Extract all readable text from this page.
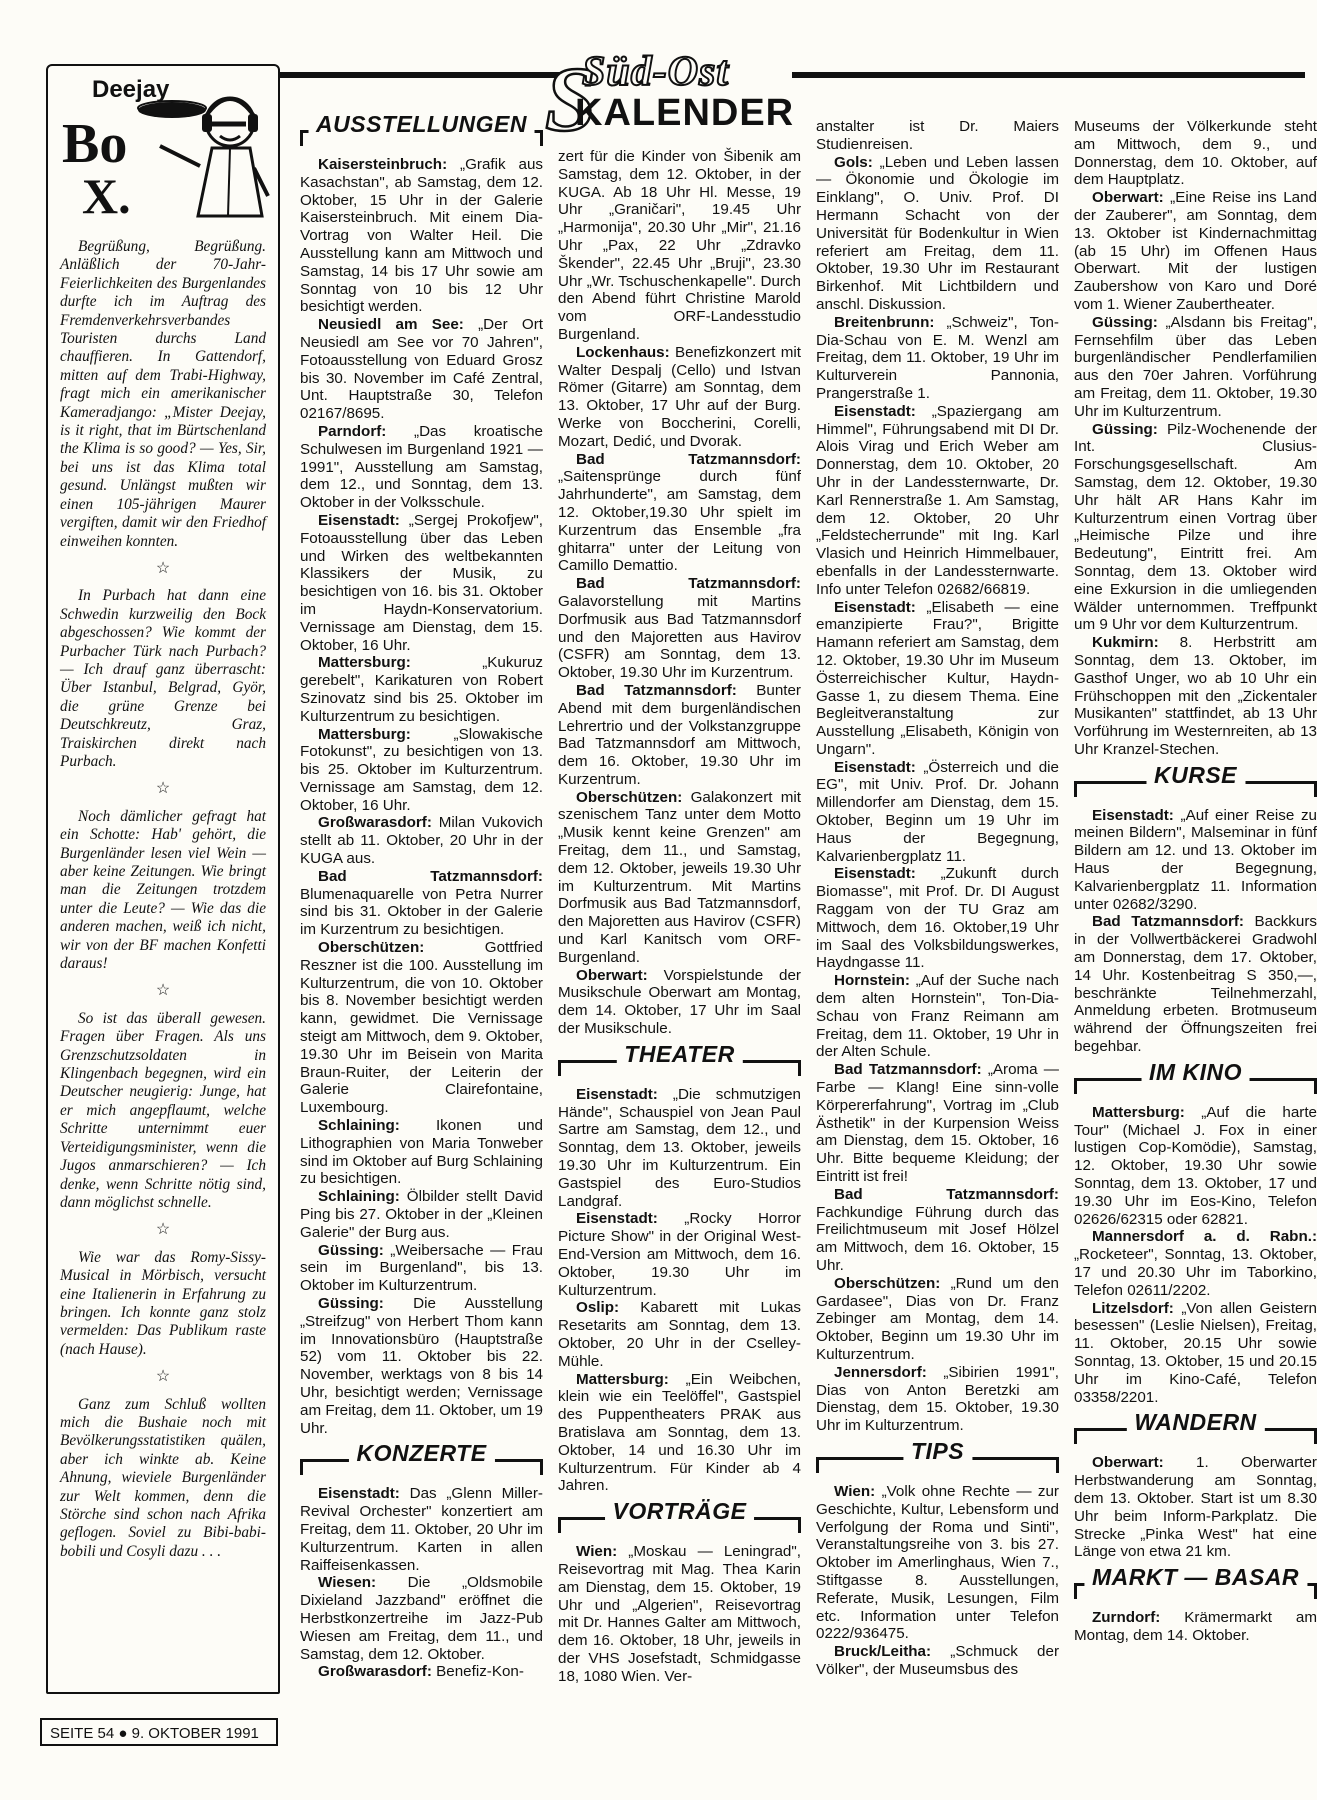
S
Süd-Ost
KALENDER
Deejay
Bo
X.

Begrüßung, Begrüßung. Anläßlich der 70-Jahr-Feierlichkeiten des Burgenlandes durfte ich im Auftrag des Fremdenverkehrsverbandes Touristen durchs Land chauffieren. In Gattendorf, mitten auf dem Trabi-Highway, fragt mich ein amerikanischer Kameradjango: „Mister Deejay, is it right, that im Bürtschenland the Klima is so good? — Yes, Sir, bei uns ist das Klima total gesund. Unlängst mußten wir einen 105-jährigen Maurer vergiften, damit wir den Friedhof einweihen konnten.

☆

In Purbach hat dann eine Schwedin kurzweilig den Bock abgeschossen? Wie kommt der Purbacher Türk nach Purbach? — Ich drauf ganz überrascht: Über Istanbul, Belgrad, Györ, die grüne Grenze bei Deutschkreutz, Graz, Traiskirchen direkt nach Purbach.

☆

Noch dämlicher gefragt hat ein Schotte: Hab' gehört, die Burgenländer lesen viel Wein — aber keine Zeitungen. Wie bringt man die Zeitungen trotzdem unter die Leute? — Wie das die anderen machen, weiß ich nicht, wir von der BF machen Konfetti daraus!

☆

So ist das überall gewesen. Fragen über Fragen. Als uns Grenzschutzsoldaten in Klingenbach begegnen, wird ein Deutscher neugierig: Junge, hat er mich angepflaumt, welche Schritte unternimmt euer Verteidigungsminister, wenn die Jugos anmarschieren? — Ich denke, wenn Schritte nötig sind, dann möglichst schnelle.

☆

Wie war das Romy-Sissy-Musical in Mörbisch, versucht eine Italienerin in Erfahrung zu bringen. Ich konnte ganz stolz vermelden: Das Publikum raste (nach Hause).

☆

Ganz zum Schluß wollten mich die Bushaie noch mit Bevölkerungsstatistiken quälen, aber ich winkte ab. Keine Ahnung, wieviele Burgenländer zur Welt kommen, denn die Störche sind schon nach Afrika geflogen. Soviel zu Bibi-babi-bobili und Cosyli dazu . . .

SEITE 54 ● 9. OKTOBER 1991
AUSSTELLUNGEN

Kaisersteinbruch: „Grafik aus Kasachstan", ab Samstag, dem 12. Oktober, 15 Uhr in der Galerie Kaisersteinbruch. Mit einem Dia-Vortrag von Walter Heil. Die Ausstellung kann am Mittwoch und Samstag, 14 bis 17 Uhr sowie am Sonntag von 10 bis 12 Uhr besichtigt werden.

Neusiedl am See: „Der Ort Neusiedl am See vor 70 Jahren", Fotoausstellung von Eduard Grosz bis 30. November im Café Zentral, Unt. Hauptstraße 30, Telefon 02167/8695.

Parndorf: „Das kroatische Schulwesen im Burgenland 1921 — 1991", Ausstellung am Samstag, dem 12., und Sonntag, dem 13. Oktober in der Volksschule.

Eisenstadt: „Sergej Prokofjew", Fotoausstellung über das Leben und Wirken des weltbekannten Klassikers der Musik, zu besichtigen von 16. bis 31. Oktober im Haydn-Konservatorium. Vernissage am Dienstag, dem 15. Oktober, 16 Uhr.

Mattersburg: „Kukuruz gerebelt", Karikaturen von Robert Szinovatz sind bis 25. Oktober im Kulturzentrum zu besichtigen.

Mattersburg: „Slowakische Fotokunst", zu besichtigen von 13. bis 25. Oktober im Kulturzentrum. Vernissage am Samstag, dem 12. Oktober, 16 Uhr.

Großwarasdorf: Milan Vukovich stellt ab 11. Oktober, 20 Uhr in der KUGA aus.

Bad Tatzmannsdorf: Blumenaquarelle von Petra Nurrer sind bis 31. Oktober in der Galerie im Kurzentrum zu besichtigen.

Oberschützen: Gottfried Reszner ist die 100. Ausstellung im Kulturzentrum, die von 10. Oktober bis 8. November besichtigt werden kann, gewidmet. Die Vernissage steigt am Mittwoch, dem 9. Oktober, 19.30 Uhr im Beisein von Marita Braun-Ruiter, der Leiterin der Galerie Clairefontaine, Luxembourg.

Schlaining: Ikonen und Lithographien von Maria Tonweber sind im Oktober auf Burg Schlaining zu besichtigen.

Schlaining: Ölbilder stellt David Ping bis 27. Oktober in der „Kleinen Galerie" der Burg aus.

Güssing: „Weibersache — Frau sein im Burgenland", bis 13. Oktober im Kulturzentrum.

Güssing: Die Ausstellung „Streifzug" von Herbert Thom kann im Innovationsbüro (Hauptstraße 52) vom 11. Oktober bis 22. November, werktags von 8 bis 14 Uhr, besichtigt werden; Vernissage am Freitag, dem 11. Oktober, um 19 Uhr.

KONZERTE

Eisenstadt: Das „Glenn Miller-Revival Orchester" konzertiert am Freitag, dem 11. Oktober, 20 Uhr im Kulturzentrum. Karten in allen Raiffeisenkassen.

Wiesen: Die „Oldsmobile Dixieland Jazzband" eröffnet die Herbstkonzertreihe im Jazz-Pub Wiesen am Freitag, dem 11., und Samstag, dem 12. Oktober.

Großwarasdorf: Benefiz-Kon-

zert für die Kinder von Šibenik am Samstag, dem 12. Oktober, in der KUGA. Ab 18 Uhr Hl. Messe, 19 Uhr „Graničari", 19.45 Uhr „Harmonija", 20.30 Uhr „Mir", 21.16 Uhr „Pax, 22 Uhr „Zdravko Škender", 22.45 Uhr „Bruji", 23.30 Uhr „Wr. Tschuschenkapelle". Durch den Abend führt Christine Marold vom ORF-Landesstudio Burgenland.

Lockenhaus: Benefizkonzert mit Walter Despalj (Cello) und Istvan Römer (Gitarre) am Sonntag, dem 13. Oktober, 17 Uhr auf der Burg. Werke von Boccherini, Corelli, Mozart, Dedić, und Dvorak.

Bad Tatzmannsdorf: „Saitensprünge durch fünf Jahrhunderte", am Samstag, dem 12. Oktober,19.30 Uhr spielt im Kurzentrum das Ensemble „fra ghitarra" unter der Leitung von Camillo Demattio.

Bad Tatzmannsdorf: Galavorstellung mit Martins Dorfmusik aus Bad Tatzmannsdorf und den Majoretten aus Havirov (CSFR) am Sonntag, dem 13. Oktober, 19.30 Uhr im Kurzentrum.

Bad Tatzmannsdorf: Bunter Abend mit dem burgenländischen Lehrertrio und der Volkstanzgruppe Bad Tatzmannsdorf am Mittwoch, dem 16. Oktober, 19.30 Uhr im Kurzentrum.

Oberschützen: Galakonzert mit szenischem Tanz unter dem Motto „Musik kennt keine Grenzen" am Freitag, dem 11., und Samstag, dem 12. Oktober, jeweils 19.30 Uhr im Kulturzentrum. Mit Martins Dorfmusik aus Bad Tatzmannsdorf, den Majoretten aus Havirov (CSFR) und Karl Kanitsch vom ORF-Burgenland.

Oberwart: Vorspielstunde der Musikschule Oberwart am Montag, dem 14. Oktober, 17 Uhr im Saal der Musikschule.

THEATER

Eisenstadt: „Die schmutzigen Hände", Schauspiel von Jean Paul Sartre am Samstag, dem 12., und Sonntag, dem 13. Oktober, jeweils 19.30 Uhr im Kulturzentrum. Ein Gastspiel des Euro-Studios Landgraf.

Eisenstadt: „Rocky Horror Picture Show" in der Original West-End-Version am Mittwoch, dem 16. Oktober, 19.30 Uhr im Kulturzentrum.

Oslip: Kabarett mit Lukas Resetarits am Sonntag, dem 13. Oktober, 20 Uhr in der Cselley-Mühle.

Mattersburg: „Ein Weibchen, klein wie ein Teelöffel", Gastspiel des Puppentheaters PRAK aus Bratislava am Sonntag, dem 13. Oktober, 14 und 16.30 Uhr im Kulturzentrum. Für Kinder ab 4 Jahren.

VORTRÄGE

Wien: „Moskau — Leningrad", Reisevortrag mit Mag. Thea Karin am Dienstag, dem 15. Oktober, 19 Uhr und „Algerien", Reisevortrag mit Dr. Hannes Galter am Mittwoch, dem 16. Oktober, 18 Uhr, jeweils in der VHS Josefstadt, Schmidgasse 18, 1080 Wien. Ver-

anstalter ist Dr. Maiers Studienreisen.

Gols: „Leben und Leben lassen — Ökonomie und Ökologie im Einklang", O. Univ. Prof. DI Hermann Schacht von der Universität für Bodenkultur in Wien referiert am Freitag, dem 11. Oktober, 19.30 Uhr im Restaurant Birkenhof. Mit Lichtbildern und anschl. Diskussion.

Breitenbrunn: „Schweiz", Ton-Dia-Schau von E. M. Wenzl am Freitag, dem 11. Oktober, 19 Uhr im Kulturverein Pannonia, Prangerstraße 1.

Eisenstadt: „Spaziergang am Himmel", Führungsabend mit DI Dr. Alois Virag und Erich Weber am Donnerstag, dem 10. Oktober, 20 Uhr in der Landessternwarte, Dr. Karl Rennerstraße 1. Am Samstag, dem 12. Oktober, 20 Uhr „Feldstecherrunde" mit Ing. Karl Vlasich und Heinrich Himmelbauer, ebenfalls in der Landessternwarte. Info unter Telefon 02682/66819.

Eisenstadt: „Elisabeth — eine emanzipierte Frau?", Brigitte Hamann referiert am Samstag, dem 12. Oktober, 19.30 Uhr im Museum Österreichischer Kultur, Haydn-Gasse 1, zu diesem Thema. Eine Begleitveranstaltung zur Ausstellung „Elisabeth, Königin von Ungarn".

Eisenstadt: „Österreich und die EG", mit Univ. Prof. Dr. Johann Millendorfer am Dienstag, dem 15. Oktober, Beginn um 19 Uhr im Haus der Begegnung, Kalvarienbergplatz 11.

Eisenstadt: „Zukunft durch Biomasse", mit Prof. Dr. DI August Raggam von der TU Graz am Mittwoch, dem 16. Oktober,19 Uhr im Saal des Volksbildungswerkes, Haydngasse 11.

Hornstein: „Auf der Suche nach dem alten Hornstein", Ton-Dia-Schau von Franz Reimann am Freitag, dem 11. Oktober, 19 Uhr in der Alten Schule.

Bad Tatzmannsdorf: „Aroma — Farbe — Klang! Eine sinn-volle Körpererfahrung", Vortrag im „Club Ästhetik" in der Kurpension Weiss am Dienstag, dem 15. Oktober, 16 Uhr. Bitte bequeme Kleidung; der Eintritt ist frei!

Bad Tatzmannsdorf: Fachkundige Führung durch das Freilichtmuseum mit Josef Hölzel am Mittwoch, dem 16. Oktober, 15 Uhr.

Oberschützen: „Rund um den Gardasee", Dias von Dr. Franz Zebinger am Montag, dem 14. Oktober, Beginn um 19.30 Uhr im Kulturzentrum.

Jennersdorf: „Sibirien 1991", Dias von Anton Beretzki am Dienstag, dem 15. Oktober, 19.30 Uhr im Kulturzentrum.

TIPS

Wien: „Volk ohne Rechte — zur Geschichte, Kultur, Lebensform und Verfolgung der Roma und Sinti", Veranstaltungsreihe von 3. bis 27. Oktober im Amerlinghaus, Wien 7., Stiftgasse 8. Ausstellungen, Referate, Musik, Lesungen, Film etc. Information unter Telefon 0222/936475.

Bruck/Leitha: „Schmuck der Völker", der Museumsbus des

Museums der Völkerkunde steht am Mittwoch, dem 9., und Donnerstag, dem 10. Oktober, auf dem Hauptplatz.

Oberwart: „Eine Reise ins Land der Zauberer", am Sonntag, dem 13. Oktober ist Kindernachmittag (ab 15 Uhr) im Offenen Haus Oberwart. Mit der lustigen Zaubershow von Karo und Doré vom 1. Wiener Zaubertheater.

Güssing: „Alsdann bis Freitag", Fernsehfilm über das Leben burgenländischer Pendlerfamilien aus den 70er Jahren. Vorführung am Freitag, dem 11. Oktober, 19.30 Uhr im Kulturzentrum.

Güssing: Pilz-Wochenende der Int. Clusius-Forschungsgesellschaft. Am Samstag, dem 12. Oktober, 19.30 Uhr hält AR Hans Kahr im Kulturzentrum einen Vortrag über „Heimische Pilze und ihre Bedeutung", Eintritt frei. Am Sonntag, dem 13. Oktober wird eine Exkursion in die umliegenden Wälder unternommen. Treffpunkt um 9 Uhr vor dem Kulturzentrum.

Kukmirn: 8. Herbstritt am Sonntag, dem 13. Oktober, im Gasthof Unger, wo ab 10 Uhr ein Frühschoppen mit den „Zickentaler Musikanten" stattfindet, ab 13 Uhr Vorführung im Westernreiten, ab 13 Uhr Kranzel-Stechen.

KURSE

Eisenstadt: „Auf einer Reise zu meinen Bildern", Malseminar in fünf Bildern am 12. und 13. Oktober im Haus der Begegnung, Kalvarienbergplatz 11. Information unter 02682/3290.

Bad Tatzmannsdorf: Backkurs in der Vollwertbäckerei Gradwohl am Donnerstag, dem 17. Oktober, 14 Uhr. Kostenbeitrag S 350,—, beschränkte Teilnehmerzahl, Anmeldung erbeten. Brotmuseum während der Öffnungszeiten frei begehbar.

IM KINO

Mattersburg: „Auf die harte Tour" (Michael J. Fox in einer lustigen Cop-Komödie), Samstag, 12. Oktober, 19.30 Uhr sowie Sonntag, dem 13. Oktober, 17 und 19.30 Uhr im Eos-Kino, Telefon 02626/62315 oder 62821.

Mannersdorf a. d. Rabn.: „Rocketeer", Sonntag, 13. Oktober, 17 und 20.30 Uhr im Taborkino, Telefon 02611/2202.

Litzelsdorf: „Von allen Geistern besessen" (Leslie Nielsen), Freitag, 11. Oktober, 20.15 Uhr sowie Sonntag, 13. Oktober, 15 und 20.15 Uhr im Kino-Café, Telefon 03358/2201.

WANDERN

Oberwart: 1. Oberwarter Herbstwanderung am Sonntag, dem 13. Oktober. Start ist um 8.30 Uhr beim Inform-Parkplatz. Die Strecke „Pinka West" hat eine Länge von etwa 21 km.

MARKT — BASAR

Zurndorf: Krämermarkt am Montag, dem 14. Oktober.
